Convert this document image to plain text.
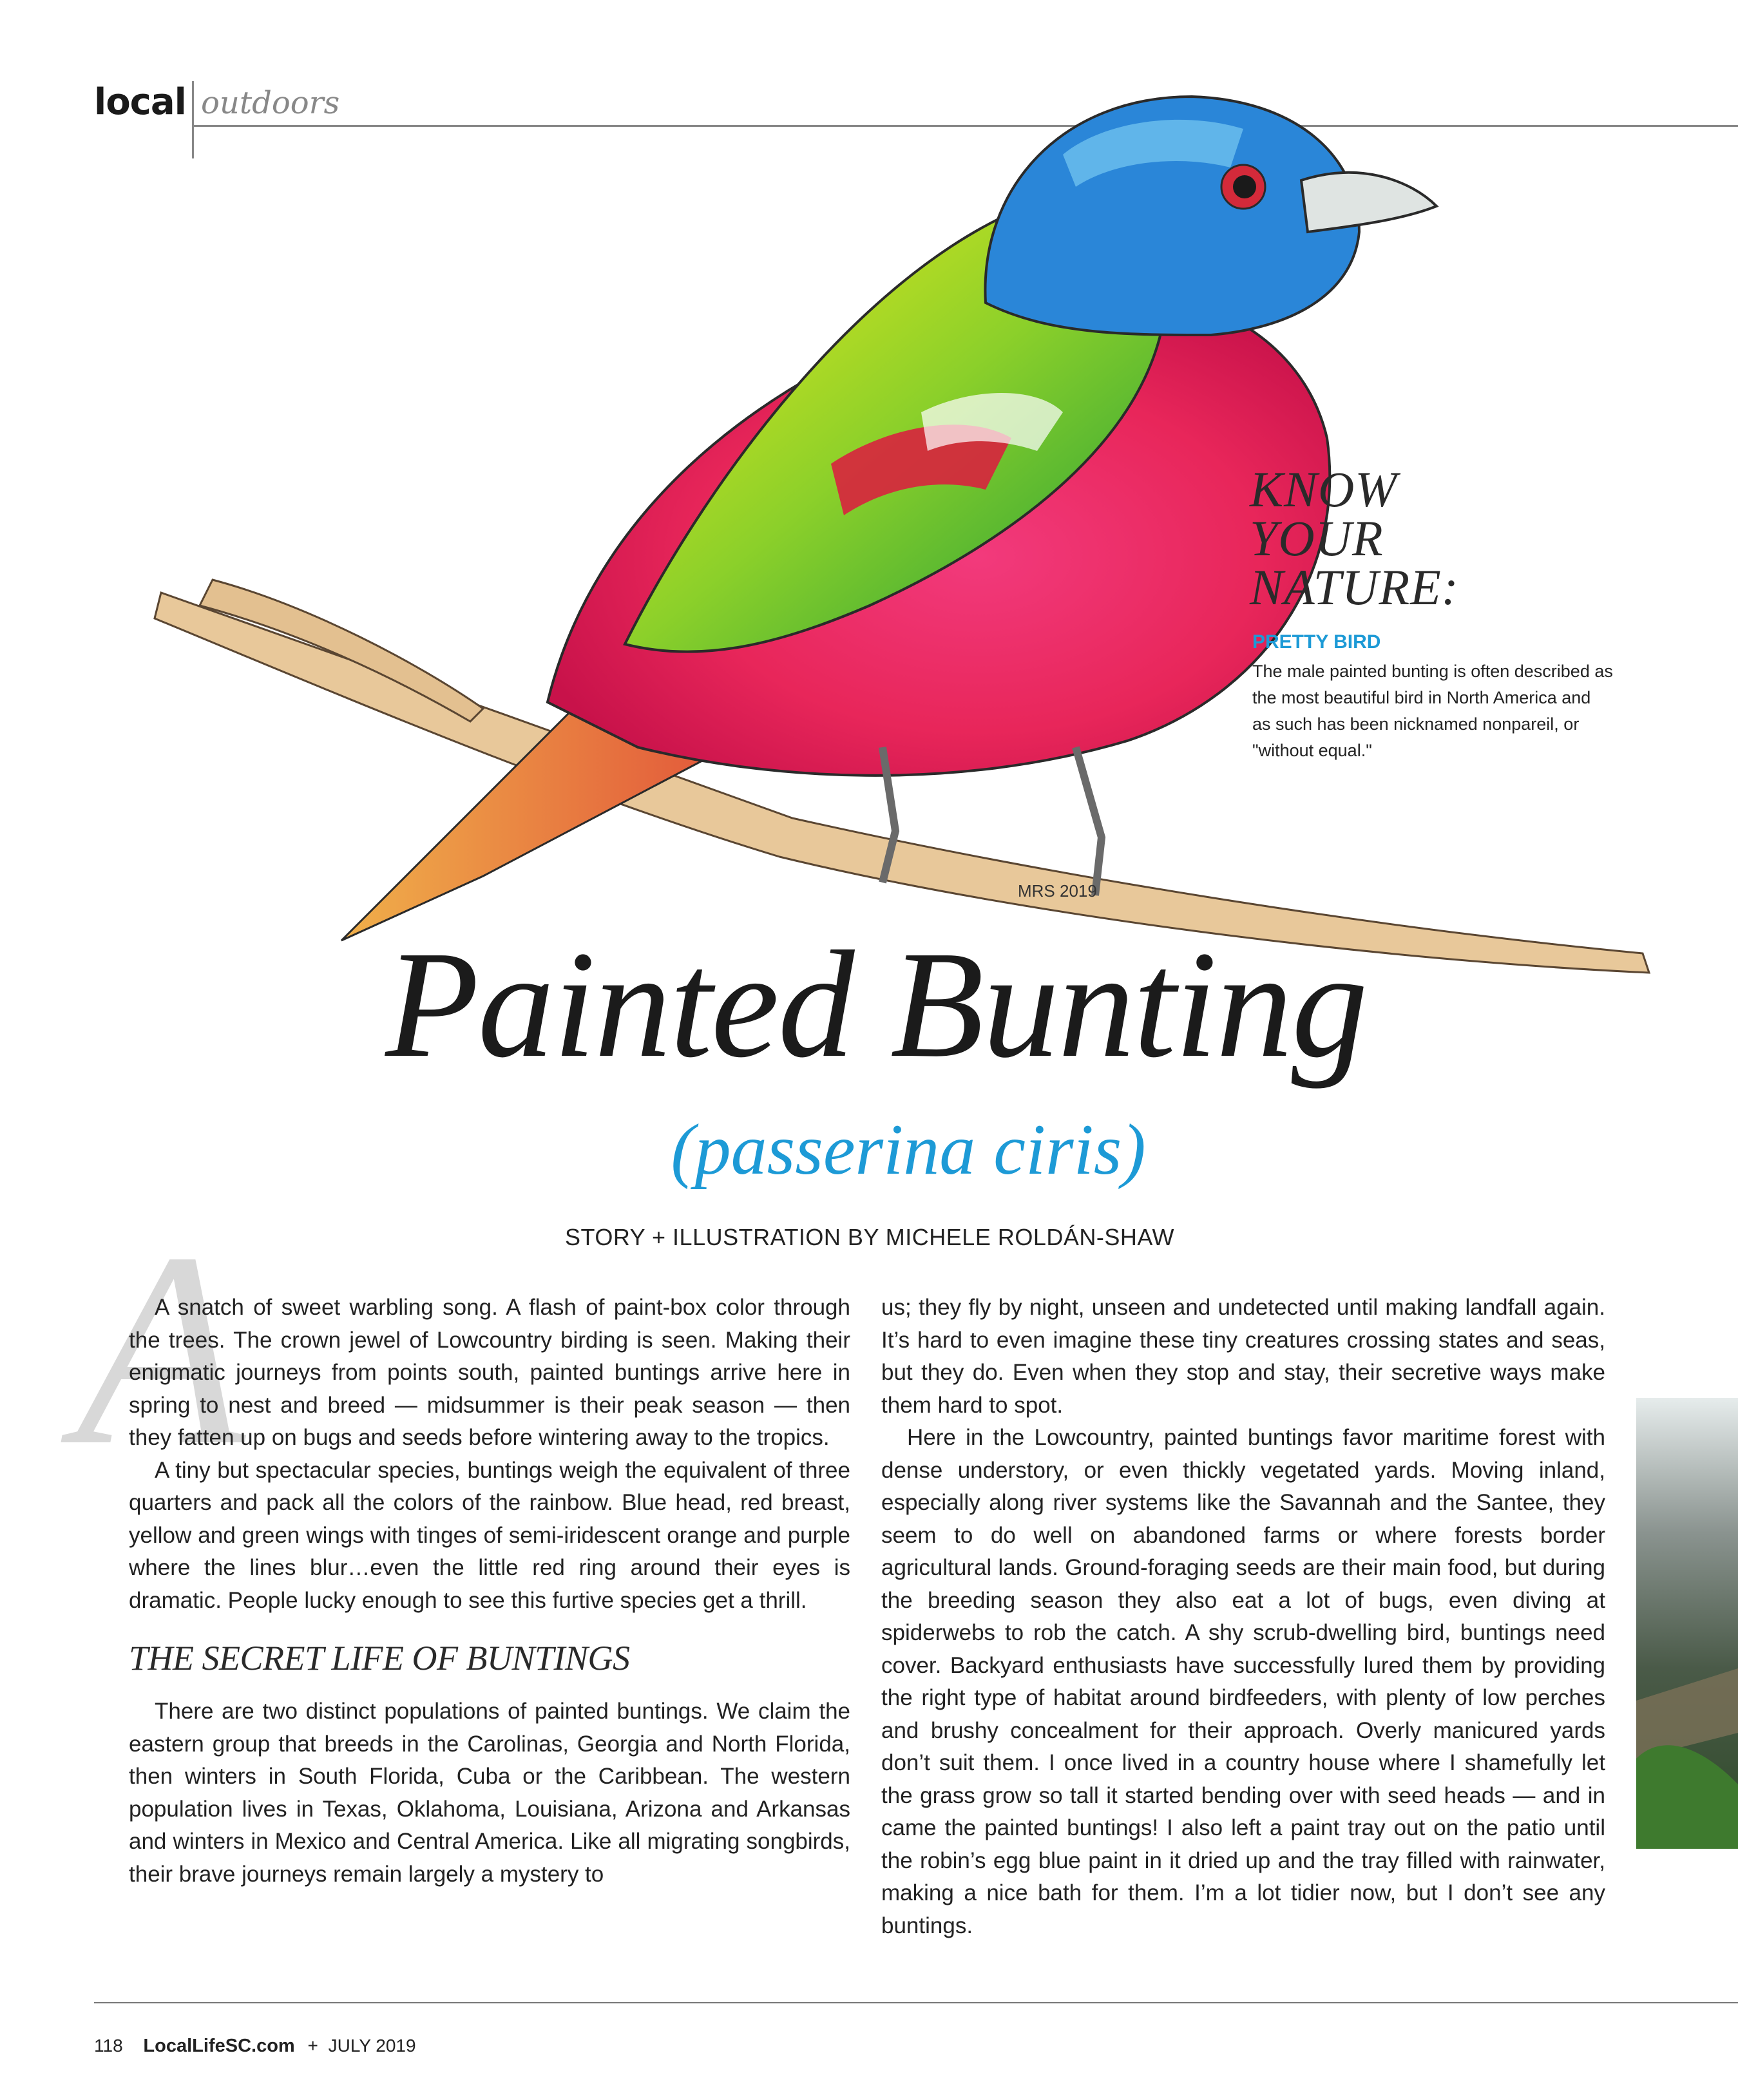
local outdoors
MRS 2019
KNOW
YOUR
NATURE:
PRETTY BIRD
The male painted bunting is often described as the most beautiful bird in North America and as such has been nicknamed nonpareil, or "without equal."
Painted Bunting
(passerina ciris)
STORY + ILLUSTRATION BY MICHELE ROLDÁN-SHAW
A

A snatch of sweet warbling song. A flash of paint-box color through the trees. The crown jewel of Lowcountry birding is seen. Making their enigmatic journeys from points south, painted buntings arrive here in spring to nest and breed — midsummer is their peak season — then they fatten up on bugs and seeds before wintering away to the tropics.

A tiny but spectacular species, buntings weigh the equivalent of three quarters and pack all the colors of the rainbow. Blue head, red breast, yellow and green wings with tinges of semi-iridescent orange and purple where the lines blur…even the little red ring around their eyes is dramatic. People lucky enough to see this furtive species get a thrill.

THE SECRET LIFE OF BUNTINGS

There are two distinct populations of painted buntings. We claim the eastern group that breeds in the Carolinas, Georgia and North Florida, then winters in South Florida, Cuba or the Caribbean. The western population lives in Texas, Oklahoma, Louisiana, Arizona and Arkansas and winters in Mexico and Central America. Like all migrating songbirds, their brave journeys remain largely a mystery to

us; they fly by night, unseen and undetected until making landfall again. It’s hard to even imagine these tiny creatures crossing states and seas, but they do. Even when they stop and stay, their secretive ways make them hard to spot.

Here in the Lowcountry, painted buntings favor maritime forest with dense understory, or even thickly vegetated yards. Moving inland, especially along river systems like the Savannah and the Santee, they seem to do well on abandoned farms or where forests border agricultural lands. Ground-foraging seeds are their main food, but during the breeding season they also eat a lot of bugs, even diving at spiderwebs to rob the catch. A shy scrub-dwelling bird, buntings need cover. Backyard enthusiasts have successfully lured them by providing the right type of habitat around birdfeeders, with plenty of low perches and brushy concealment for their approach. Overly manicured yards don’t suit them. I once lived in a country house where I shamefully let the grass grow so tall it started bending over with seed heads — and in came the painted buntings! I also left a paint tray out on the patio until the robin’s egg blue paint in it dried up and the tray filled with rainwater, making a nice bath for them. I’m a lot tidier now, but I don’t see any buntings.

118 LocalLifeSC.com + JULY 2019
